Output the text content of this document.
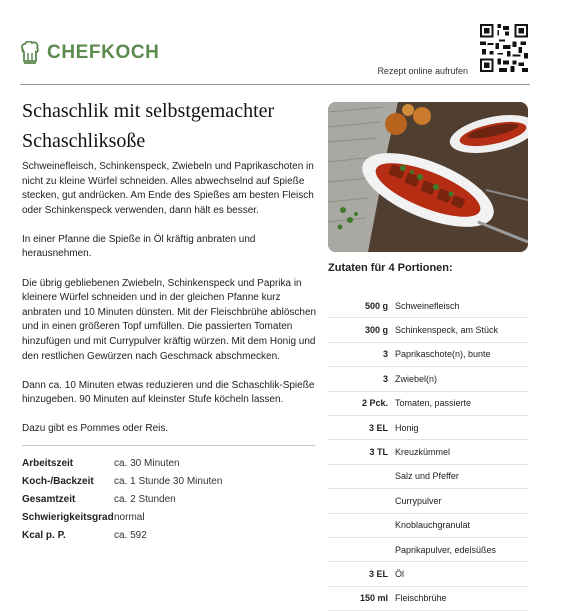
CHEFKOCH
Rezept online aufrufen
Schaschlik mit selbstgemachter Schaschliksoße

Schweinefleisch, Schinkenspeck, Zwiebeln und Paprikaschoten in nicht zu kleine Würfel schneiden. Alles abwechselnd auf Spieße stecken, gut andrücken. Am Ende des Spießes am besten Fleisch oder Schinkenspeck verwenden, dann hält es besser.

In einer Pfanne die Spieße in Öl kräftig anbraten und herausnehmen.

Die übrig gebliebenen Zwiebeln, Schinkenspeck und Paprika in kleinere Würfel schneiden und in der gleichen Pfanne kurz anbraten und 10 Minuten dünsten. Mit der Fleischbrühe ablöschen und in einen größeren Topf umfüllen. Die passierten Tomaten hinzufügen und mit Currypulver kräftig würzen. Mit dem Honig und den restlichen Gewürzen nach Geschmack abschmecken.

Dann ca. 10 Minuten etwas reduzieren und die Schaschlik-Spieße hinzugeben. 90 Minuten auf kleinster Stufe köcheln lassen.

Dazu gibt es Pommes oder Reis.

Arbeitszeit	ca. 30 Minuten
Koch-/Backzeit	ca. 1 Stunde 30 Minuten
Gesamtzeit	ca. 2 Stunden
Schwierigkeitsgrad	normal
Kcal p. P.	ca. 592
Zutaten für 4 Portionen:
500 g Schweinefleisch
300 g Schinkenspeck, am Stück
3 Paprikaschote(n), bunte
3 Zwiebel(n)
2 Pck. Tomaten, passierte
3 EL Honig
3 TL Kreuzkümmel
Salz und Pfeffer
Currypulver
Knoblauchgranulat
Paprikapulver, edelsüßes
3 EL Öl
150 ml Fleischbrühe
